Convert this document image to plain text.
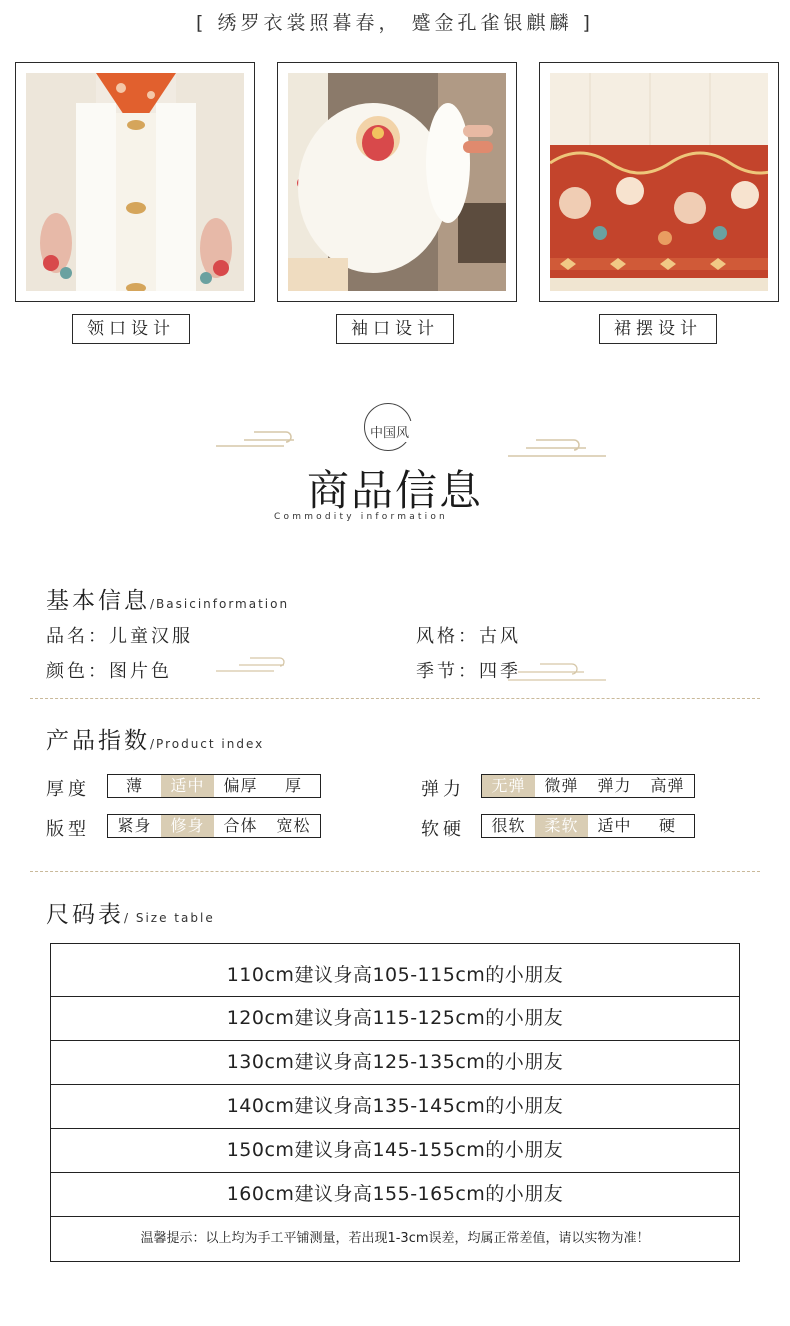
[ 绣罗衣裳照暮春， 蹙金孔雀银麒麟 ]
领口设计	袖口设计	裙摆设计
中国风
商品信息
Commodity information
基本信息/Basicinformation
品名：儿童汉服	风格：古风
颜色：图片色	季节：四季
产品指数/Product index
厚度	薄	适中	偏厚	厚	弹力	无弹	微弹	弹力	高弹
版型	紧身	修身	合体	宽松	软硬	很软	柔软	适中	硬
尺码表/ Size table
110cm建议身高105-115cm的小朋友
120cm建议身高115-125cm的小朋友
130cm建议身高125-135cm的小朋友
140cm建议身高135-145cm的小朋友
150cm建议身高145-155cm的小朋友
160cm建议身高155-165cm的小朋友
温馨提示：以上均为手工平铺测量，若出现1-3cm误差，均属正常差值，请以实物为准！
